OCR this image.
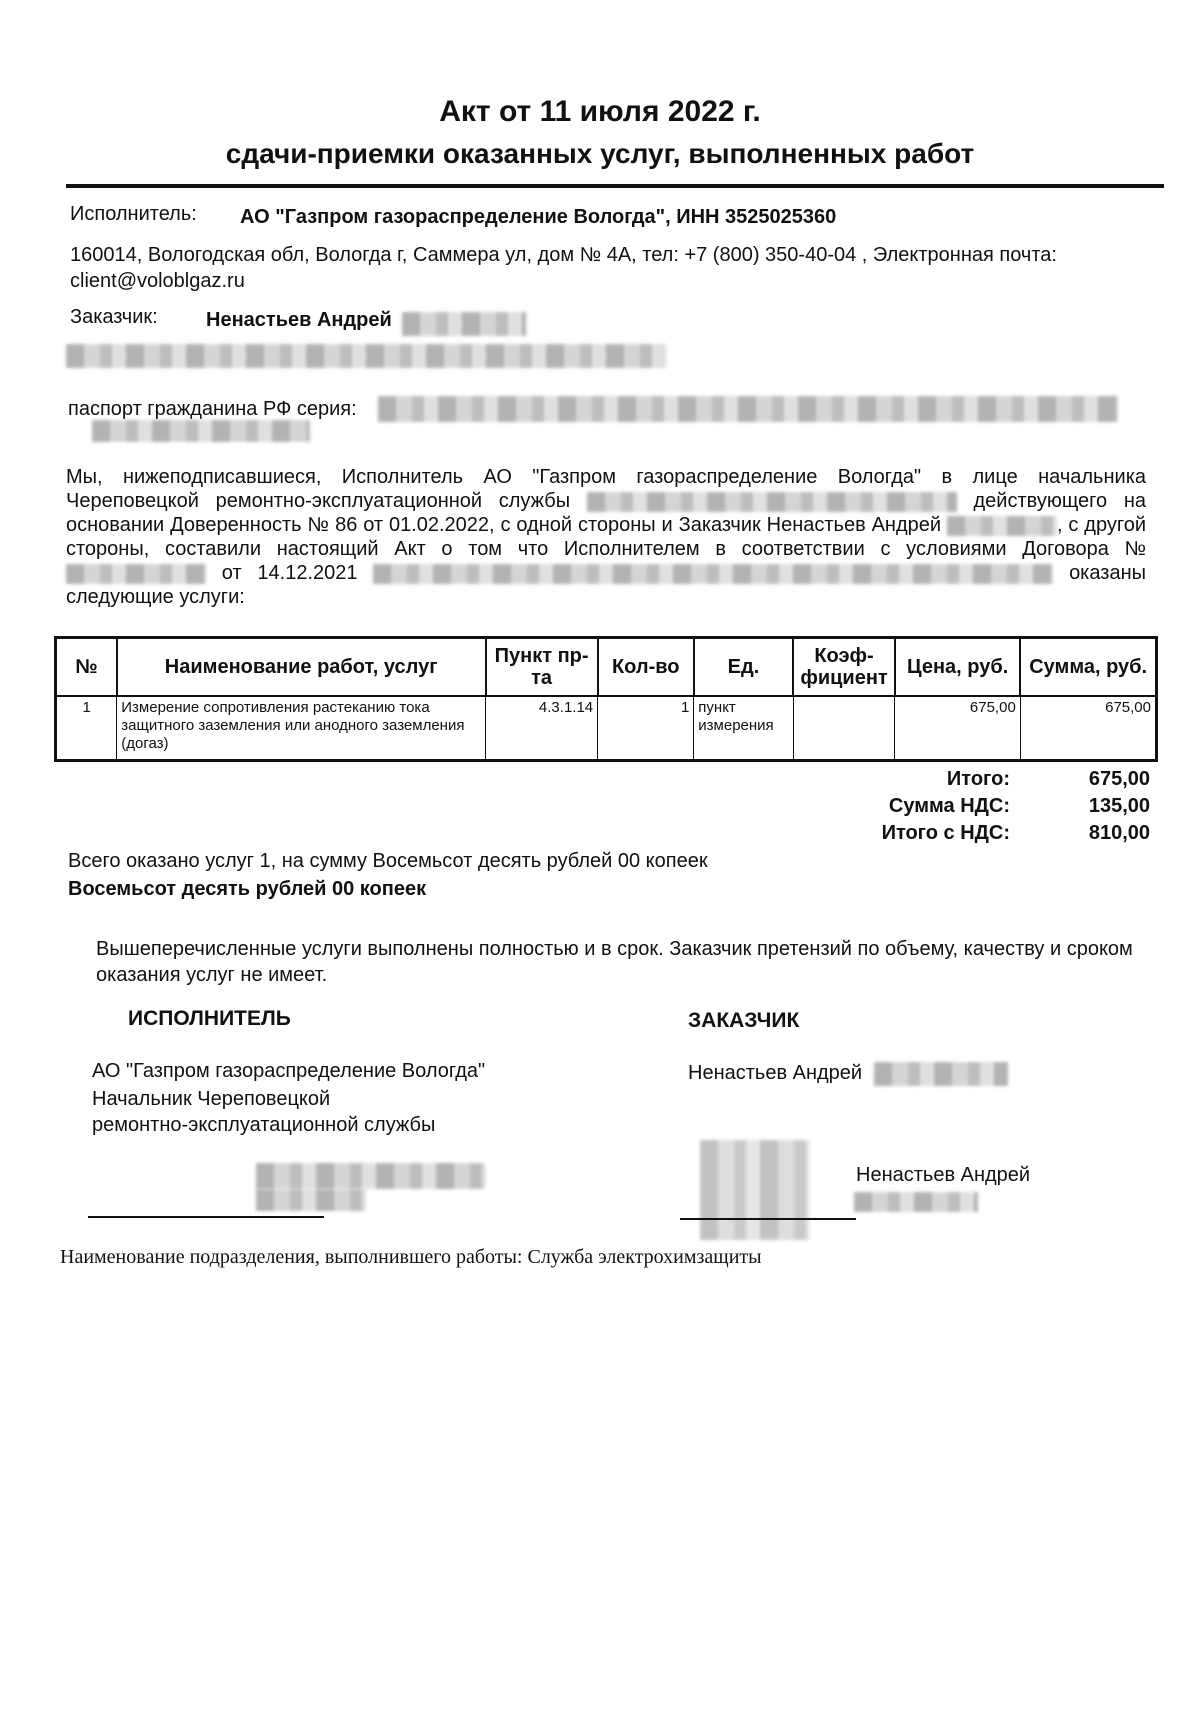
Акт от 11 июля 2022 г.
сдачи-приемки оказанных услуг, выполненных работ
Исполнитель: АО "Газпром газораспределение Вологда", ИНН 3525025360
160014, Вологодская обл, Вологда г, Саммера ул, дом № 4А, тел: +7 (800) 350-40-04 , Электронная почта:
client@voloblgaz.ru
Заказчик: Ненастьев Андрей
паспорт гражданина РФ серия:
Мы, нижеподписавшиеся, Исполнитель АО "Газпром газораспределение Вологда" в лице начальника Череповецкой ремонтно-эксплуатационной службы	действующего на основании Доверенность № 86 от 01.02.2022, с одной стороны и Заказчик Ненастьев Андрей	, с другой стороны, составили настоящий Акт о том что Исполнителем в соответствии с условиями Договора №  от 14.12.2021	оказаны следующие услуги:
№	Наименование работ, услуг	Пункт пр-та	Кол-во	Ед.	Коэф-фициент	Цена, руб.	Сумма, руб.
1	Измерение сопротивления растеканию тока защитного заземления или анодного заземления (догаз)	4.3.1.14	1	пункт измерения		675,00	675,00
Итого:	675,00
Сумма НДС:	135,00
Итого с НДС:	810,00
Всего оказано услуг 1, на сумму Восемьсот десять рублей 00 копеек
Восемьсот десять рублей 00 копеек
Вышеперечисленные услуги выполнены полностью и в срок. Заказчик претензий по объему, качеству и сроком оказания услуг не имеет.
ИСПОЛНИТЕЛЬ
АО "Газпром газораспределение Вологда"
Начальник Череповецкой
ремонтно-эксплуатационной службы
ЗАКАЗЧИК
Ненастьев Андрей
Ненастьев Андрей
Наименование подразделения, выполнившего работы: Служба электрохимзащиты
